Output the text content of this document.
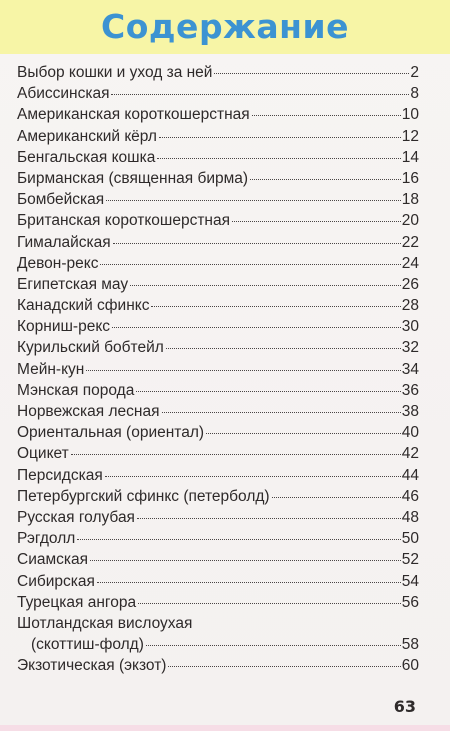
Содержание
Выбор кошки и уход за ней	2
Абиссинская	8
Американская короткошерстная	10
Американский кёрл	12
Бенгальская кошка	14
Бирманская (священная бирма)	16
Бомбейская	18
Британская короткошерстная	20
Гималайская	22
Девон-рекс	24
Египетская мау	26
Канадский сфинкс	28
Корниш-рекс	30
Курильский бобтейл	32
Мейн-кун	34
Мэнская порода	36
Норвежская лесная	38
Ориентальная (ориентал)	40
Оцикет	42
Персидская	44
Петербургский сфинкс (петерболд)	46
Русская голубая	48
Рэгдолл	50
Сиамская	52
Сибирская	54
Турецкая ангора	56
Шотландская вислоухая
(скоттиш-фолд)	58
Экзотическая (экзот)	60
63
